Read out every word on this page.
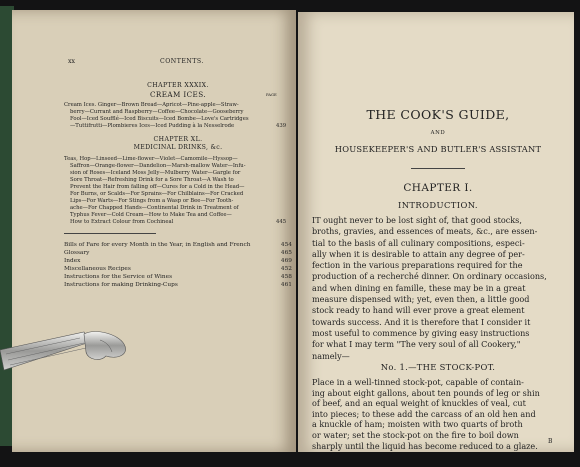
xx	CONTENTS.
CHAPTER XXXIX.
CREAM ICES.	PAGE
Cream Ices. Ginger—Brown Bread—Apricot—Pine-apple—Straw-
berry—Currant and Raspberry—Coffee—Chocolate—Gooseberry
Fool—Iced Soufflé—Iced Biscuits—Iced Bombe—Love's Cartridges
—Tuttifrutti—Plombieres Ices—Iced Pudding à la Nesselrode	439
CHAPTER XL.
MEDICINAL DRINKS, &c.
Teas, Hop—Linseed—Lime-flower—Violet—Camomile—Hyssop—
Saffron—Orange-flower—Dandelion—Marsh-mallow Water—Infu-
sion of Roses—Iceland Moss Jelly—Mulberry Water—Gargle for
Sore Throat—Refreshing Drink for a Sore Throat—A Wash to
Prevent the Hair from falling off—Cures for a Cold in the Head—
For Burns, or Scalds—For Sprains—For Chilblains—For Cracked
Lips—For Warts—For Stings from a Wasp or Bee—For Tooth-
ache—For Chapped Hands—Continental Drink in Treatment of
Typhus Fever—Cold Cream—How to Make Tea and Coffee—
How to Extract Colour from Cochineal	445
Bills of Fare for every Month in the Year, in English and French	454
Glossary	465
Index	469
Miscellaneous Recipes	452
Instructions for the Service of Wines	458
Instructions for making Drinking-Cups	461
THE COOK'S GUIDE,
AND
HOUSEKEEPER'S AND BUTLER'S ASSISTANT
CHAPTER I.
INTRODUCTION.
IT ought never to be lost sight of, that good stocks,
broths, gravies, and essences of meats, &c., are essen-
tial to the basis of all culinary compositions, especi-
ally when it is desirable to attain any degree of per-
fection in the various preparations required for the
production of a recherché dinner. On ordinary occasions,
and when dining en famille, these may be in a great
measure dispensed with; yet, even then, a little good
stock ready to hand will ever prove a great element
towards success. And it is therefore that I consider it
most useful to commence by giving easy instructions
for what I may term "The very soul of all Cookery,"
namely—
No. 1.—THE STOCK-POT.
Place in a well-tinned stock-pot, capable of contain-
ing about eight gallons, about ten pounds of leg or shin
of beef, and an equal weight of knuckles of veal, cut
into pieces; to these add the carcass of an old hen and
a knuckle of ham; moisten with two quarts of broth
or water; set the stock-pot on the fire to boil down
sharply until the liquid has become reduced to a glaze.	B
